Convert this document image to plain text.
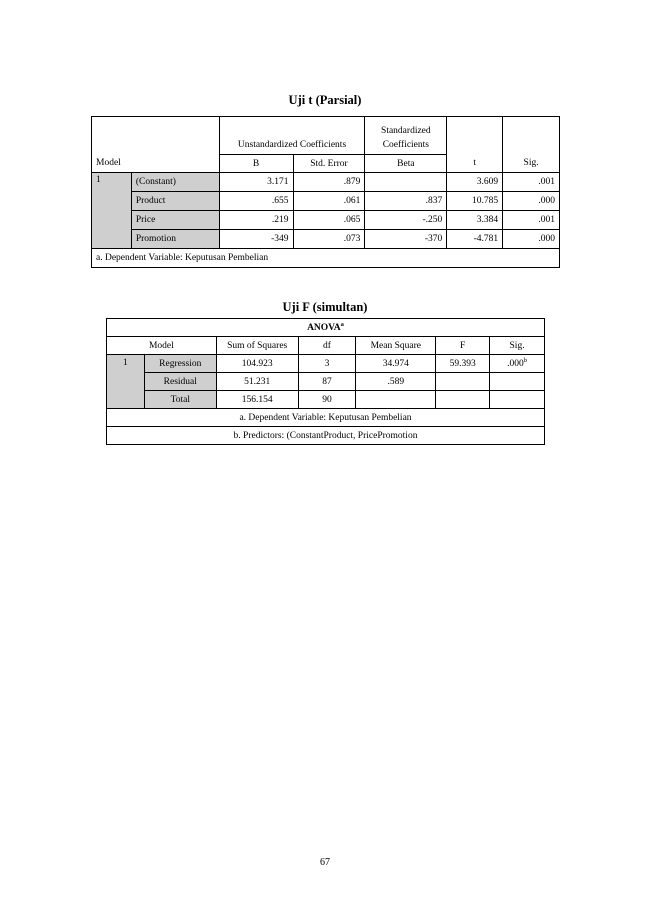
Uji t (Parsial)
Model		Unstandardized Coefficients		Standardized	t	Sig.
				Coefficients		
		B	Std. Error	Beta		
1	(Constant)	3.171	.879		3.609	.001
	Product	.655	.061	.837	10.785	.000
	Price	.219	.065	-.250	3.384	.001
	Promotion	-349	.073	-370	-4.781	.000
a. Dependent Variable: Keputusan Pembelian						
Uji F (simultan)
ANOVA$^a$
Model		Sum of Squares	df	Mean Square	F	Sig.
1	Regression	104.923	3	34.974	59.393	.000$^b$
	Residual	51.231	87	.589		
	Total	156.154	90			
a. Dependent Variable: Keputusan Pembelian						
b. Predictors: (ConstantProduct, PricePromotion						
67
